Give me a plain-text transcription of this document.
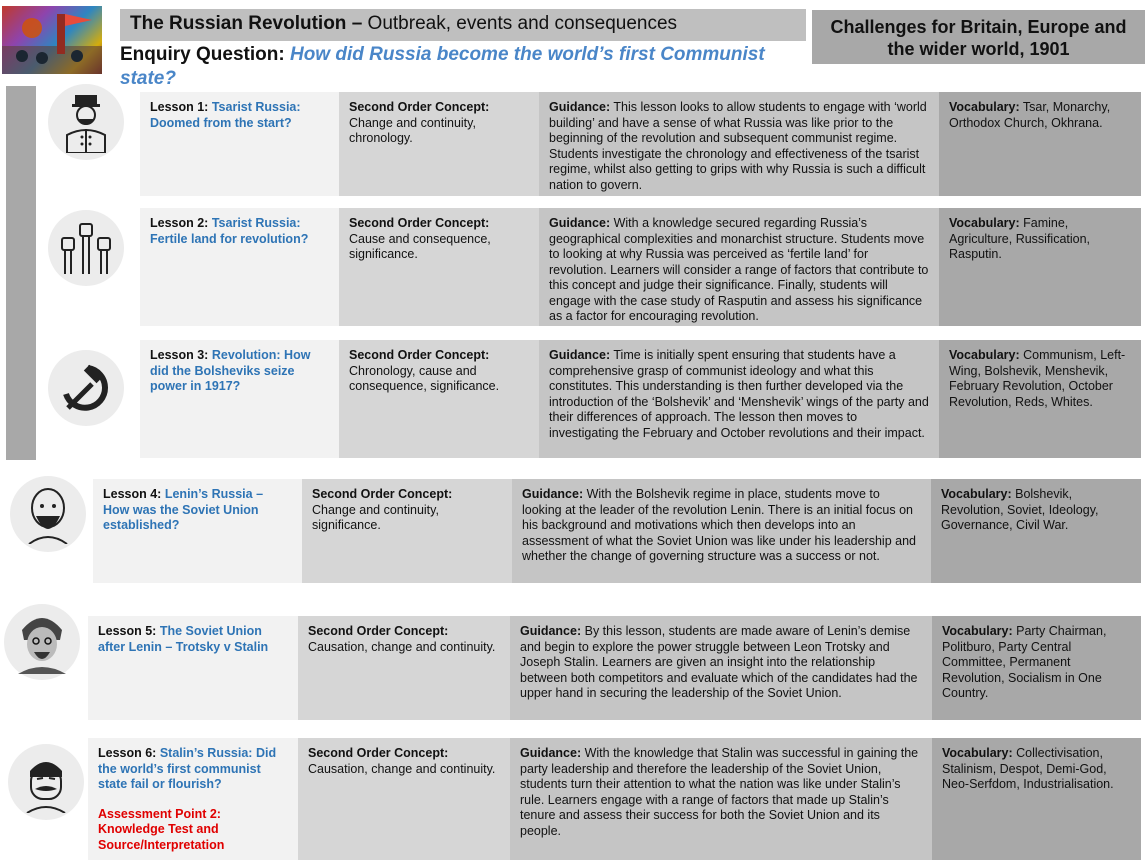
The Russian Revolution – Outbreak, events and consequences
Enquiry Question: How did Russia become the world’s first Communist state?
Challenges for Britain, Europe and
the wider world, 1901
Lesson 1: Tsarist Russia: Doomed from the start?
Second Order Concept:
Change and continuity, chronology.
Guidance: This lesson looks to allow students to engage with ‘world building’ and have a sense of what Russia was like prior to the beginning of the revolution and subsequent communist regime. Students investigate the chronology and effectiveness of the tsarist regime, whilst also getting to grips with why Russia is such a difficult nation to govern.
Vocabulary: Tsar, Monarchy, Orthodox Church, Okhrana.
Lesson 2: Tsarist Russia: Fertile land for revolution?
Second Order Concept:
Cause and consequence, significance.
Guidance: With a knowledge secured regarding Russia’s geographical complexities and monarchist structure. Students move to looking at why Russia was perceived as ‘fertile land’ for revolution. Learners will consider a range of factors that contribute to this concept and judge their significance. Finally, students will engage with the case study of Rasputin and assess his significance as a factor for encouraging revolution.
Vocabulary: Famine, Agriculture, Russification, Rasputin.
Lesson 3: Revolution: How did the Bolsheviks seize power in 1917?
Second Order Concept:
Chronology, cause and consequence, significance.
Guidance: Time is initially spent ensuring that students have a comprehensive grasp of communist ideology and what this constitutes. This understanding is then further developed via the introduction of the ‘Bolshevik’ and ‘Menshevik’ wings of the party and their differences of approach. The lesson then moves to investigating the February and October revolutions and their impact.
Vocabulary: Communism, Left-Wing, Bolshevik, Menshevik, February Revolution, October Revolution, Reds, Whites.
Lesson 4: Lenin’s Russia – How was the Soviet Union established?
Second Order Concept:
Change and continuity, significance.
Guidance: With the Bolshevik regime in place, students move to looking at the leader of the revolution Lenin. There is an initial focus on his background and motivations which then develops into an assessment of what the Soviet Union was like under his leadership and whether the change of governing structure was a success or not.
Vocabulary: Bolshevik, Revolution, Soviet, Ideology, Governance, Civil War.
Lesson 5: The Soviet Union after Lenin – Trotsky v Stalin
Second Order Concept:
Causation, change and continuity.
Guidance: By this lesson, students are made aware of Lenin’s demise and begin to explore the power struggle between Leon Trotsky and Joseph Stalin. Learners are given an insight into the relationship between both competitors and evaluate which of the candidates had the upper hand in securing the leadership of the Soviet Union.
Vocabulary: Party Chairman, Politburo, Party Central Committee, Permanent Revolution, Socialism in One Country.
Lesson 6: Stalin’s Russia: Did the world’s first communist state fail or flourish?
Assessment Point 2: Knowledge Test and Source/Interpretation
Second Order Concept:
Causation, change and continuity.
Guidance: With the knowledge that Stalin was successful in gaining the party leadership and therefore the leadership of the Soviet Union, students turn their attention to what the nation was like under Stalin’s rule. Learners engage with a range of factors that made up Stalin’s tenure and assess their success for both the Soviet Union and its people.
Vocabulary: Collectivisation, Stalinism, Despot, Demi-God, Neo-Serfdom, Industrialisation.
